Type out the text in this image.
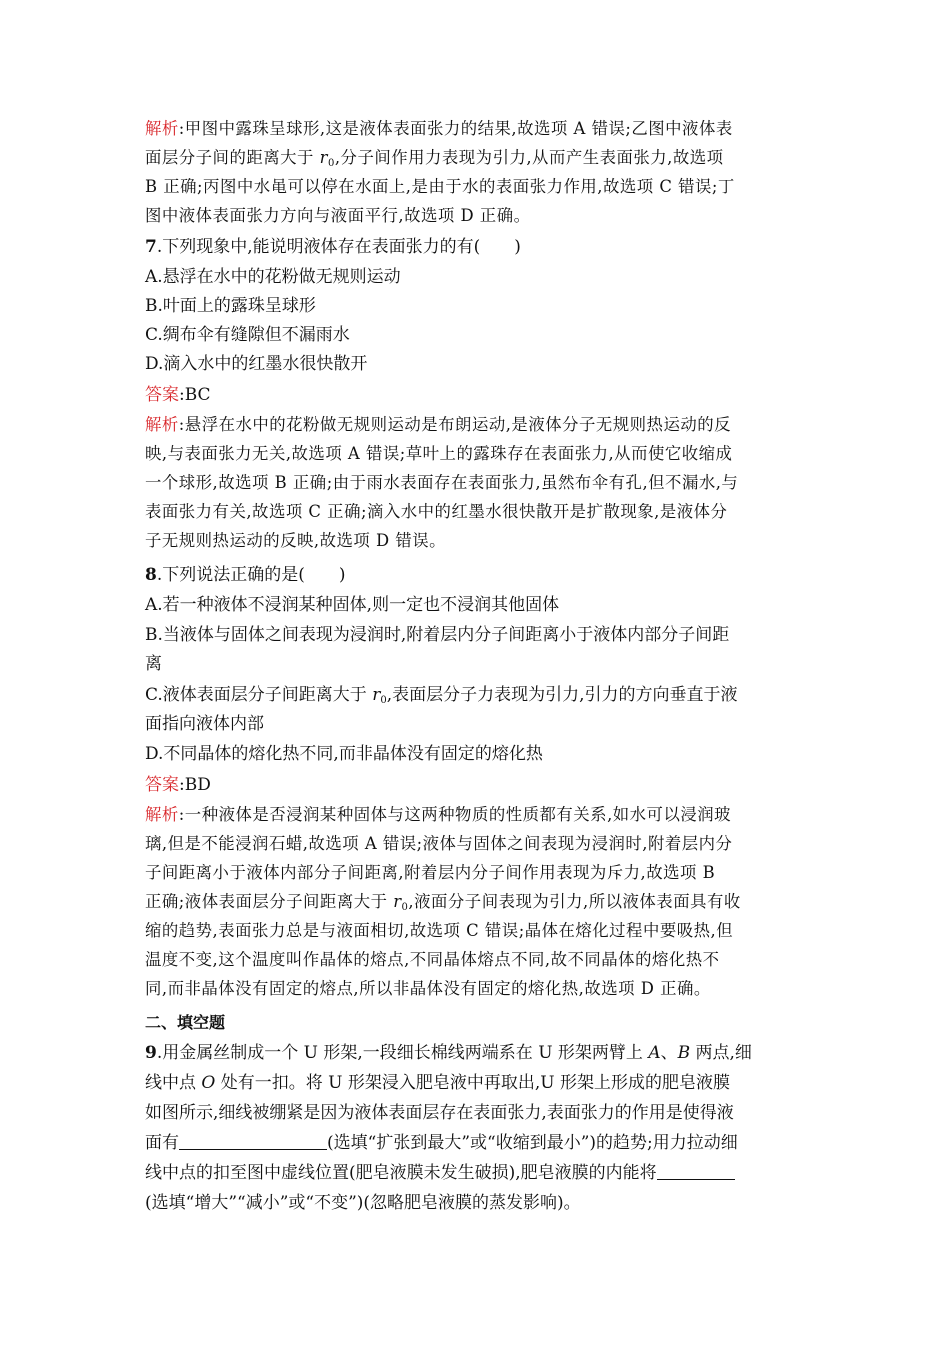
解析:甲图中露珠呈球形,这是液体表面张力的结果,故选项 A 错误;乙图中液体表
面层分子间的距离大于 $r_0$,分子间作用力表现为引力,从而产生表面张力,故选项
B 正确;丙图中水黾可以停在水面上,是由于水的表面张力作用,故选项 C 错误;丁
图中液体表面张力方向与液面平行,故选项 D 正确。
7.下列现象中,能说明液体存在表面张力的有(　　)
A.悬浮在水中的花粉做无规则运动
B.叶面上的露珠呈球形
C.绸布伞有缝隙但不漏雨水
D.滴入水中的红墨水很快散开
答案:BC
解析:悬浮在水中的花粉做无规则运动是布朗运动,是液体分子无规则热运动的反
映,与表面张力无关,故选项 A 错误;草叶上的露珠存在表面张力,从而使它收缩成
一个球形,故选项 B 正确;由于雨水表面存在表面张力,虽然布伞有孔,但不漏水,与
表面张力有关,故选项 C 正确;滴入水中的红墨水很快散开是扩散现象,是液体分
子无规则热运动的反映,故选项 D 错误。
8.下列说法正确的是(　　)
A.若一种液体不浸润某种固体,则一定也不浸润其他固体
B.当液体与固体之间表现为浸润时,附着层内分子间距离小于液体内部分子间距
离
C.液体表面层分子间距离大于 $r_0$,表面层分子力表现为引力,引力的方向垂直于液
面指向液体内部
D.不同晶体的熔化热不同,而非晶体没有固定的熔化热
答案:BD
解析:一种液体是否浸润某种固体与这两种物质的性质都有关系,如水可以浸润玻
璃,但是不能浸润石蜡,故选项 A 错误;液体与固体之间表现为浸润时,附着层内分
子间距离小于液体内部分子间距离,附着层内分子间作用表现为斥力,故选项 B
正确;液体表面层分子间距离大于 $r_0$,液面分子间表现为引力,所以液体表面具有收
缩的趋势,表面张力总是与液面相切,故选项 C 错误;晶体在熔化过程中要吸热,但
温度不变,这个温度叫作晶体的熔点,不同晶体熔点不同,故不同晶体的熔化热不
同,而非晶体没有固定的熔点,所以非晶体没有固定的熔化热,故选项 D 正确。
二、填空题
9.用金属丝制成一个 U 形架,一段细长棉线两端系在 U 形架两臂上 A、B 两点,细
线中点 O 处有一扣。将 U 形架浸入肥皂液中再取出,U 形架上形成的肥皂液膜
如图所示,细线被绷紧是因为液体表面层存在表面张力,表面张力的作用是使得液
面有	(选填“扩张到最大”或“收缩到最小”)的趋势;用力拉动细
线中点的扣至图中虚线位置(肥皂液膜未发生破损),肥皂液膜的内能将
(选填“增大”“减小”或“不变”)(忽略肥皂液膜的蒸发影响)。
